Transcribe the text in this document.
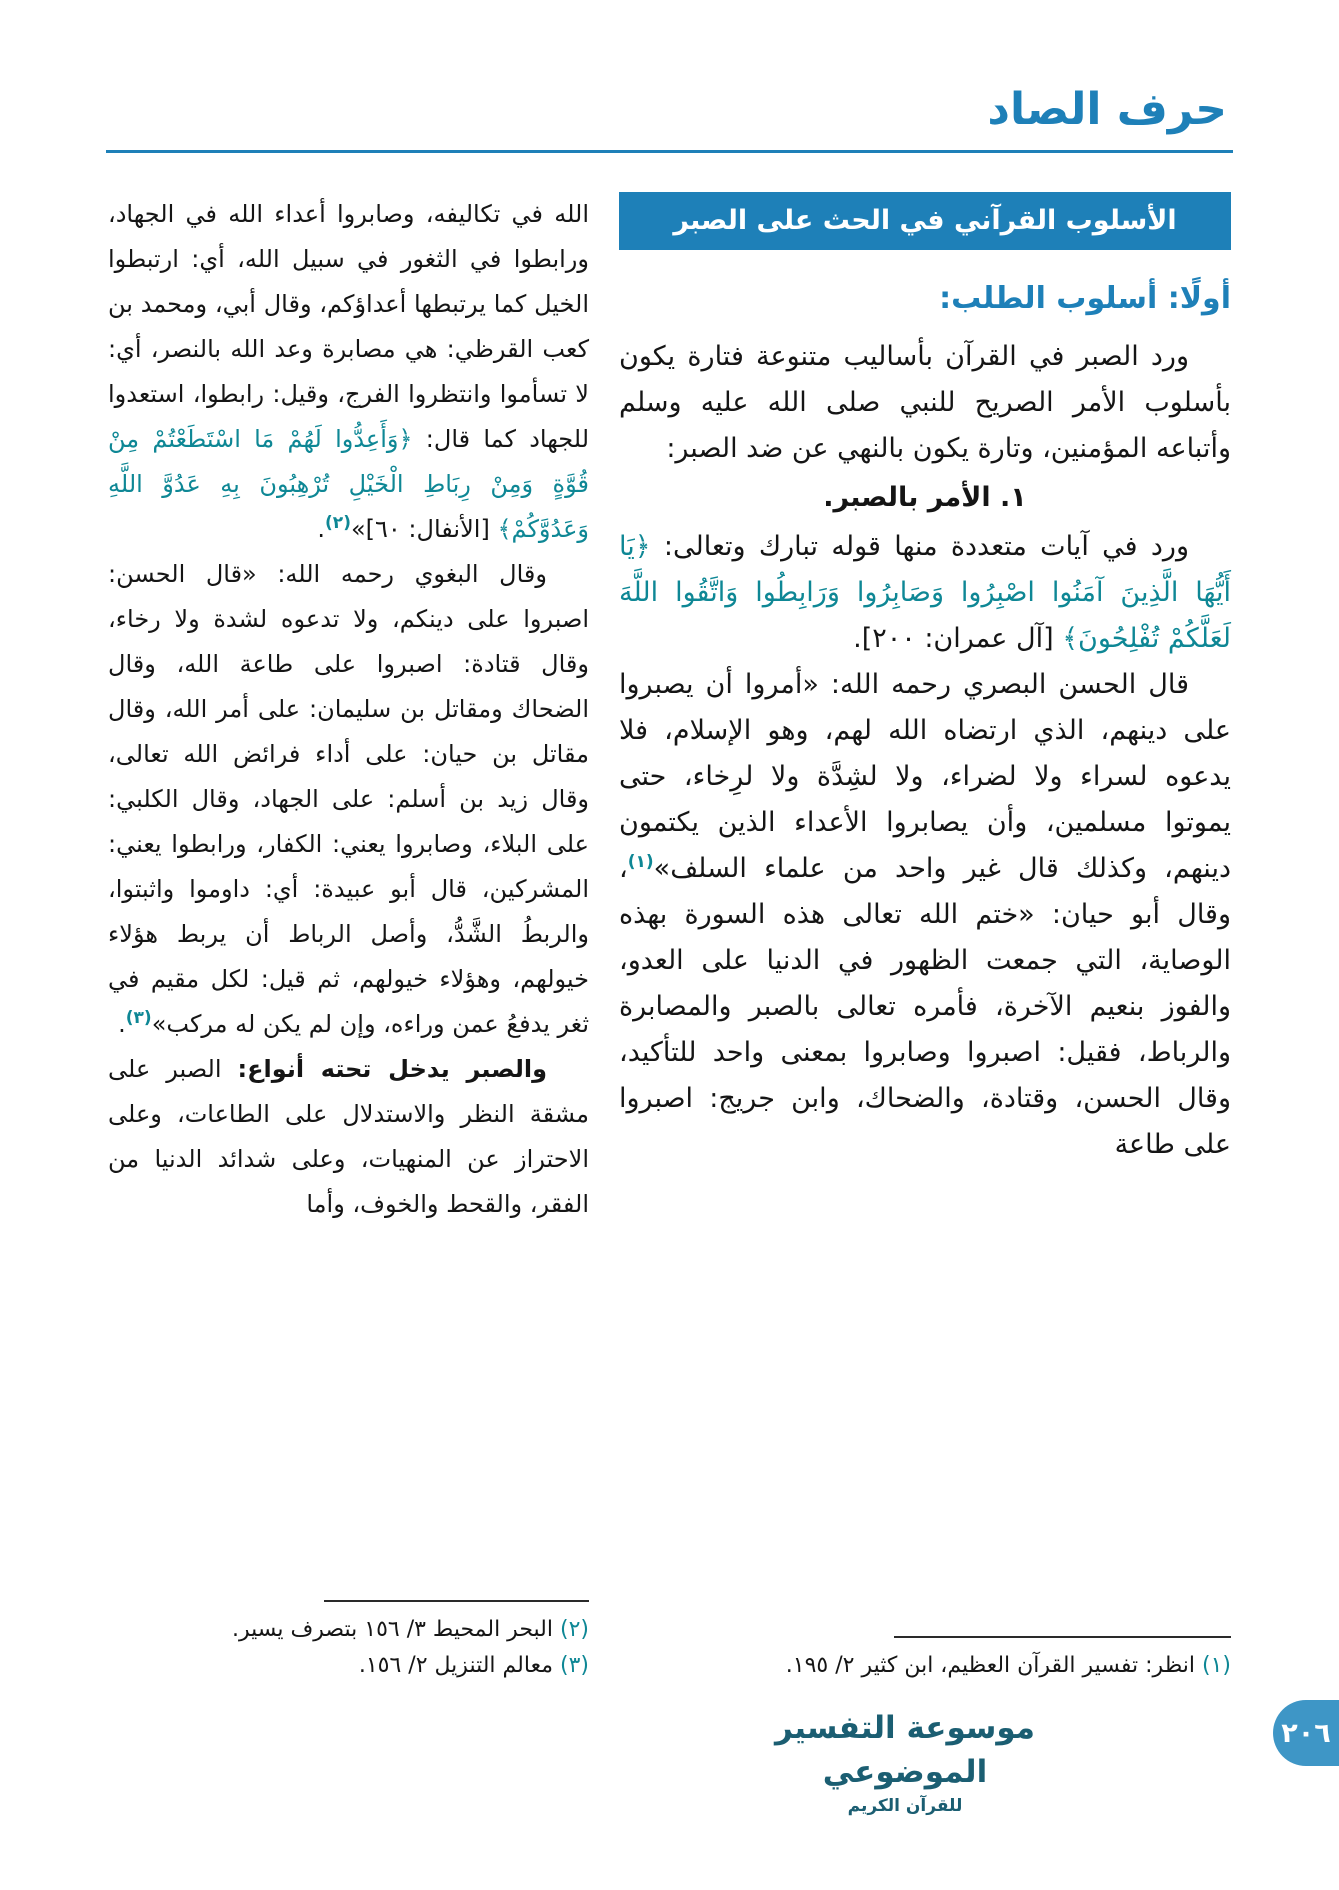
حرف الصاد
الأسلوب القرآني في الحث على الصبر
أولًا: أسلوب الطلب:

ورد الصبر في القرآن بأساليب متنوعة فتارة يكون بأسلوب الأمر الصريح للنبي صلى الله عليه وسلم وأتباعه المؤمنين، وتارة يكون بالنهي عن ضد الصبر:

١. الأمر بالصبر.

ورد في آيات متعددة منها قوله تبارك وتعالى: ﴿يَا أَيُّهَا الَّذِينَ آمَنُوا اصْبِرُوا وَصَابِرُوا وَرَابِطُوا وَاتَّقُوا اللَّهَ لَعَلَّكُمْ تُفْلِحُونَ﴾ [آل عمران: ٢٠٠].

قال الحسن البصري رحمه الله: «أمروا أن يصبروا على دينهم، الذي ارتضاه الله لهم، وهو الإسلام، فلا يدعوه لسراء ولا لضراء، ولا لشِدَّة ولا لرِخاء، حتى يموتوا مسلمين، وأن يصابروا الأعداء الذين يكتمون دينهم، وكذلك قال غير واحد من علماء السلف»$^{(١)}$، وقال أبو حيان: «ختم الله تعالى هذه السورة بهذه الوصاية، التي جمعت الظهور في الدنيا على العدو، والفوز بنعيم الآخرة، فأمره تعالى بالصبر والمصابرة والرباط، فقيل: اصبروا وصابروا بمعنى واحد للتأكيد، وقال الحسن، وقتادة، والضحاك، وابن جريج: اصبروا على طاعة

(١) انظر: تفسير القرآن العظيم، ابن كثير ٢/ ١٩٥.

الله في تكاليفه، وصابروا أعداء الله في الجهاد، ورابطوا في الثغور في سبيل الله، أي: ارتبطوا الخيل كما يرتبطها أعداؤكم، وقال أبي، ومحمد بن كعب القرظي: هي مصابرة وعد الله بالنصر، أي: لا تسأموا وانتظروا الفرج، وقيل: رابطوا، استعدوا للجهاد كما قال: ﴿وَأَعِدُّوا لَهُمْ مَا اسْتَطَعْتُمْ مِنْ قُوَّةٍ وَمِنْ رِبَاطِ الْخَيْلِ تُرْهِبُونَ بِهِ عَدُوَّ اللَّهِ وَعَدُوَّكُمْ﴾ [الأنفال: ٦٠]»$^{(٢)}$.

وقال البغوي رحمه الله: «قال الحسن: اصبروا على دينكم، ولا تدعوه لشدة ولا رخاء، وقال قتادة: اصبروا على طاعة الله، وقال الضحاك ومقاتل بن سليمان: على أمر الله، وقال مقاتل بن حيان: على أداء فرائض الله تعالى، وقال زيد بن أسلم: على الجهاد، وقال الكلبي: على البلاء، وصابروا يعني: الكفار، ورابطوا يعني: المشركين، قال أبو عبيدة: أي: داوموا واثبتوا، والربطُ الشَّدُّ، وأصل الرباط أن يربط هؤلاء خيولهم، وهؤلاء خيولهم، ثم قيل: لكل مقيم في ثغر يدفعُ عمن وراءه، وإن لم يكن له مركب»$^{(٣)}$.

والصبر يدخل تحته أنواع: الصبر على مشقة النظر والاستدلال على الطاعات، وعلى الاحتراز عن المنهيات، وعلى شدائد الدنيا من الفقر، والقحط والخوف، وأما

(٢) البحر المحيط ٣/ ١٥٦ بتصرف يسير.
(٣) معالم التنزيل ٢/ ١٥٦.
موسوعة التفسير الموضوعي
للقرآن الكريم
٢٠٦
